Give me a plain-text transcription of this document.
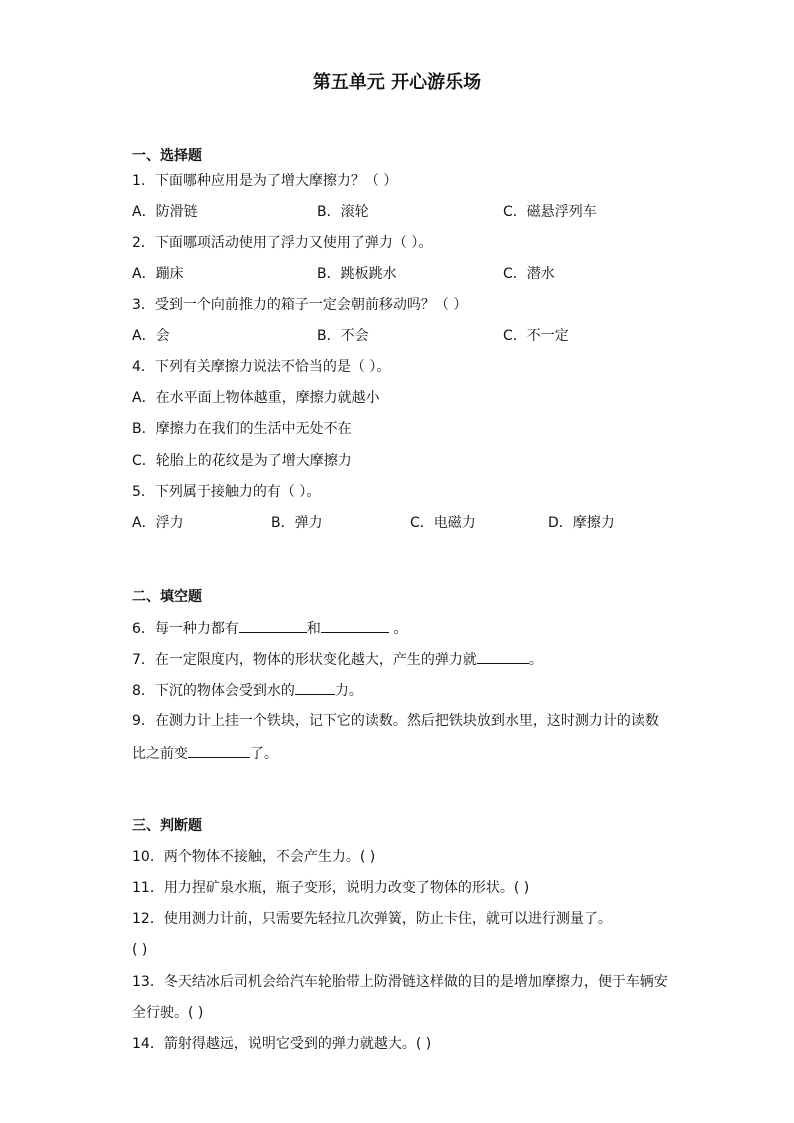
第五单元 开心游乐场
一、选择题
1．下面哪种应用是为了增大摩擦力？（ ）
A．防滑链	B．滚轮	C．磁悬浮列车
2．下面哪项活动使用了浮力又使用了弹力（ ）。
A．蹦床	B．跳板跳水	C．潜水
3．受到一个向前推力的箱子一定会朝前移动吗？（ ）
A．会	B．不会	C．不一定
4．下列有关摩擦力说法不恰当的是（ ）。
A．在水平面上物体越重，摩擦力就越小
B．摩擦力在我们的生活中无处不在
C．轮胎上的花纹是为了增大摩擦力
5．下列属于接触力的有（ ）。
A．浮力	B．弹力	C．电磁力	D．摩擦力
二、填空题
6．每一种力都有	和	。
7．在一定限度内，物体的形状变化越大，产生的弹力就	。
8．下沉的物体会受到水的	力。
9．在测力计上挂一个铁块，记下它的读数。然后把铁块放到水里，这时测力计的读数
比之前变	了。
三、判断题
10．两个物体不接触，不会产生力。( )
11．用力捏矿泉水瓶，瓶子变形，说明力改变了物体的形状。( )
12．使用测力计前，只需要先轻拉几次弹簧，防止卡住，就可以进行测量了。
( )
13．冬天结冰后司机会给汽车轮胎带上防滑链这样做的目的是增加摩擦力，便于车辆安
全行驶。( )
14．箭射得越远，说明它受到的弹力就越大。( )
